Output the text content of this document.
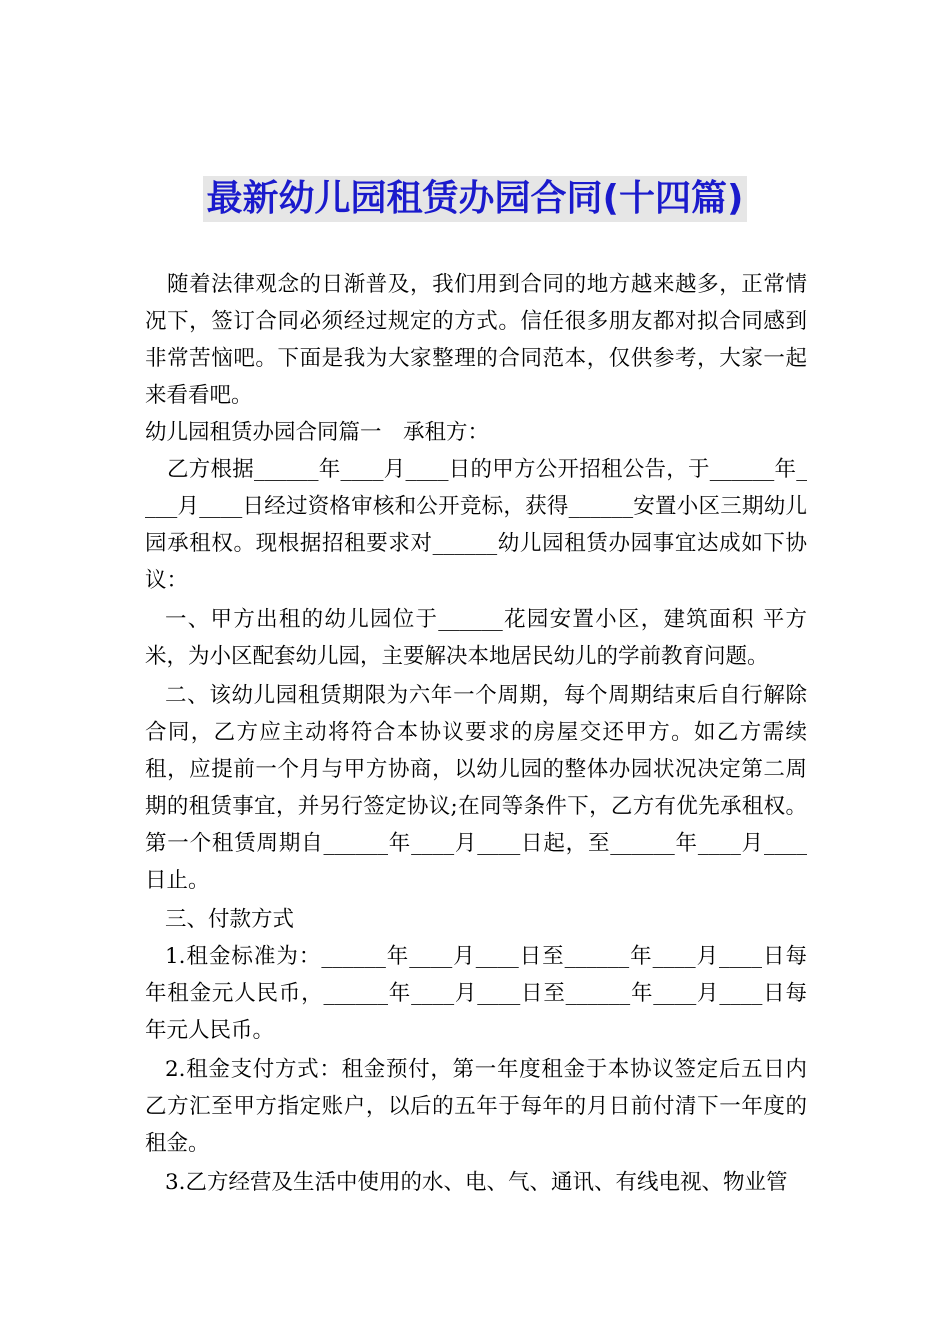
最新幼儿园租赁办园合同(十四篇)

随着法律观念的日渐普及，我们用到合同的地方越来越多，正常情况下，签订合同必须经过规定的方式。信任很多朋友都对拟合同感到非常苦恼吧。下面是我为大家整理的合同范本，仅供参考，大家一起来看看吧。

幼儿园租赁办园合同篇一　承租方：

乙方根据______年____月____日的甲方公开招租公告，于______年____月____日经过资格审核和公开竞标，获得______安置小区三期幼儿园承租权。现根据招租要求对______幼儿园租赁办园事宜达成如下协议：

一、甲方出租的幼儿园位于______花园安置小区，建筑面积 平方米，为小区配套幼儿园，主要解决本地居民幼儿的学前教育问题。

二、该幼儿园租赁期限为六年一个周期，每个周期结束后自行解除合同，乙方应主动将符合本协议要求的房屋交还甲方。如乙方需续租，应提前一个月与甲方协商，以幼儿园的整体办园状况决定第二周期的租赁事宜，并另行签定协议;在同等条件下，乙方有优先承租权。第一个租赁周期自______年____月____日起，至______年____月____日止。

三、付款方式

1.租金标准为：______年____月____日至______年____月____日每年租金元人民币，______年____月____日至______年____月____日每年元人民币。

2.租金支付方式：租金预付，第一年度租金于本协议签定后五日内乙方汇至甲方指定账户，以后的五年于每年的月日前付清下一年度的租金。

3.乙方经营及生活中使用的水、电、气、通讯、有线电视、物业管
